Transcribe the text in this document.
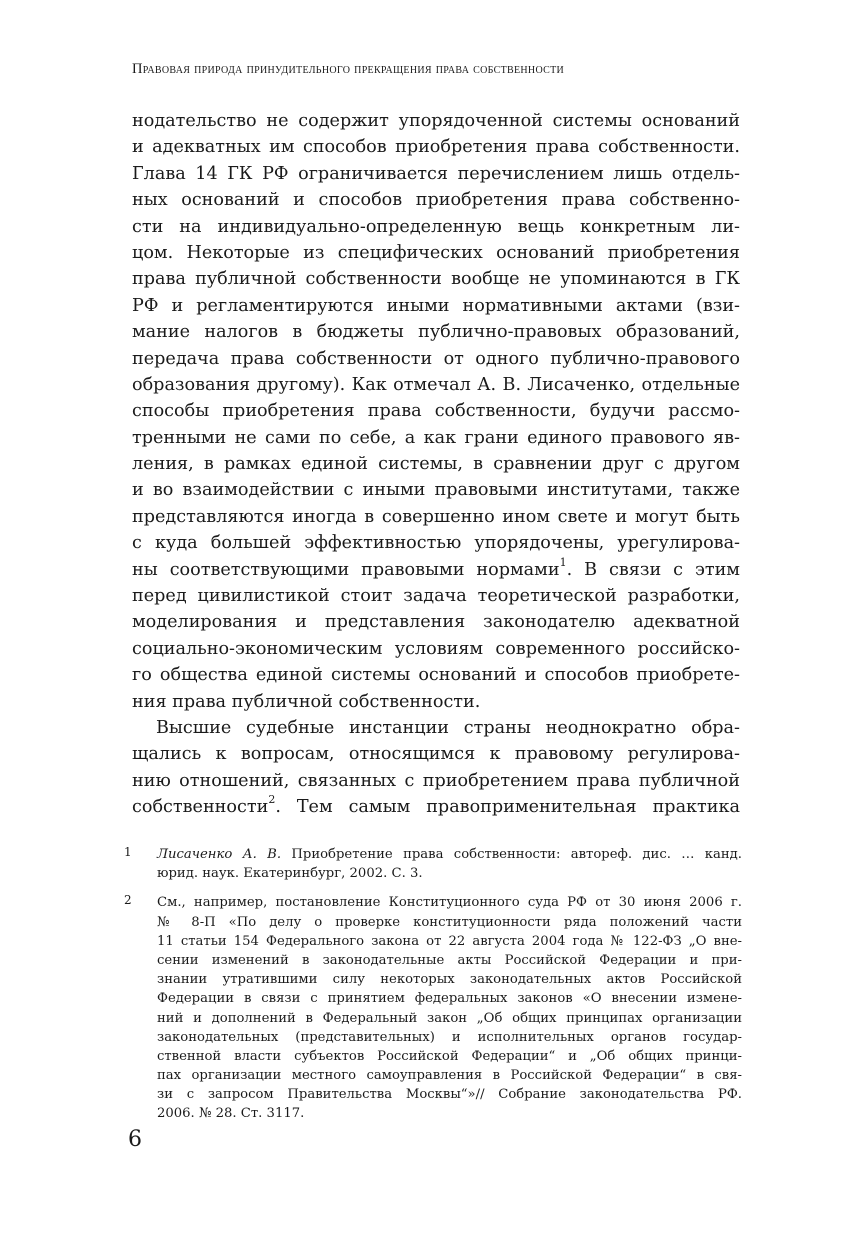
Правовая природа принудительного прекращения права собственности
нодательство не содержит упорядоченной системы оснований
и адекватных им способов приобретения права собственности.
Глава 14 ГК РФ ограничивается перечислением лишь отдель-
ных оснований и способов приобретения права собственно-
сти на индивидуально-определенную вещь конкретным ли-
цом. Некоторые из специфических оснований приобретения
права публичной собственности вообще не упоминаются в ГК
РФ и регламентируются иными нормативными актами (взи-
мание налогов в бюджеты публично-правовых образований,
передача права собственности от одного публично-правового
образования другому). Как отмечал А. В. Лисаченко, отдельные
способы приобретения права собственности, будучи рассмо-
тренными не сами по себе, а как грани единого правового яв-
ления, в рамках единой системы, в сравнении друг с другом
и во взаимодействии с иными правовыми институтами, также
представляются иногда в совершенно ином свете и могут быть
с куда большей эффективностью упорядочены, урегулирова-
ны соответствующими правовыми нормами$^1$. В связи с этим
перед цивилистикой стоит задача теоретической разработки,
моделирования и представления законодателю адекватной
социально-экономическим условиям современного российско-
го общества единой системы оснований и способов приобрете-
ния права публичной собственности.
Высшие судебные инстанции страны неоднократно обра-
щались к вопросам, относящимся к правовому регулирова-
нию отношений, связанных с приобретением права публичной
собственности$^2$. Тем самым правоприменительная практика
1 Лисаченко А. В. Приобретение права собственности: автореф. дис. … канд.
юрид. наук. Екатеринбург, 2002. С. 3.
2 См., например, постановление Конституционного суда РФ от 30 июня 2006 г.
№ 8-П «По делу о проверке конституционности ряда положений части
11 статьи 154 Федерального закона от 22 августа 2004 года № 122-ФЗ „О вне-
сении изменений в законодательные акты Российской Федерации и при-
знании утратившими силу некоторых законодательных актов Российской
Федерации в связи с принятием федеральных законов «О внесении измене-
ний и дополнений в Федеральный закон „Об общих принципах организации
законодательных (представительных) и исполнительных органов государ-
ственной власти субъектов Российской Федерации“ и „Об общих принци-
пах организации местного самоуправления в Российской Федерации“ в свя-
зи с запросом Правительства Москвы“»// Собрание законодательства РФ.
2006. № 28. Ст. 3117.
6
